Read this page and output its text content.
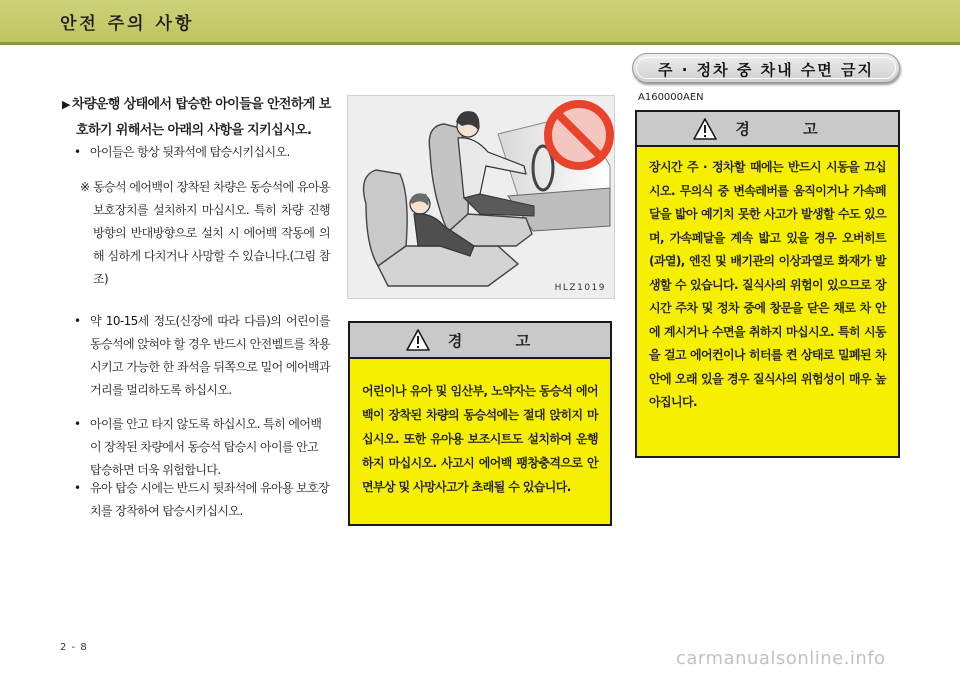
안전 주의 사항
▶ 차량운행 상태에서 탑승한 아이들을 안전하게 보
호하기 위해서는 아래의 사항을 지키십시오.
• 아이들은 항상 뒷좌석에 탑승시키십시오.
※ 동승석 에어백이 장착된 차량은 동승석에 유아용 보호장치를 설치하지 마십시오. 특히 차량 진행방향의 반대방향으로 설치 시 에어백 작동에 의해 심하게 다치거나 사망할 수 있습니다.(그림 참조)
• 약 10-15세 정도(신장에 따라 다름)의 어린이를 동승석에 앉혀야 할 경우 반드시 안전벨트를 착용시키고 가능한 한 좌석을 뒤쪽으로 밀어 에어백과 거리를 멀리하도록 하십시오.
• 아이를 안고 타지 않도록 하십시오. 특히 에어백이 장착된 차량에서 동승석 탑승시 아이를 안고 탑승하면 더욱 위험합니다.
• 유아 탑승 시에는 반드시 뒷좌석에 유아용 보호장치를 장착하여 탑승시키십시오.
HLZ1019
경 고
어린이나 유아 및 임산부, 노약자는 동승석 에어백이 장착된 차량의 동승석에는 절대 앉히지 마십시오. 또한 유아용 보조시트도 설치하여 운행하지 마십시오. 사고시 에어백 팽창충격으로 안면부상 및 사망사고가 초래될 수 있습니다.
주 · 정차 중 차내 수면 금지
A160000AEN
경 고
장시간 주 · 정차할 때에는 반드시 시동을 끄십시오. 무의식 중 변속레버를 움직이거나 가속페달을 밟아 예기치 못한 사고가 발생할 수도 있으며, 가속페달을 계속 밟고 있을 경우 오버히트(과열), 엔진 및 배기관의 이상과열로 화재가 발생할 수 있습니다. 질식사의 위험이 있으므로 장시간 주차 및 정차 중에 창문을 닫은 채로 차 안에 계시거나 수면을 취하지 마십시오. 특히 시동을 걸고 에어컨이나 히터를 켠 상태로 밀폐된 차 안에 오래 있을 경우 질식사의 위험성이 매우 높아집니다.
2 - 8
carmanualsonline.info
